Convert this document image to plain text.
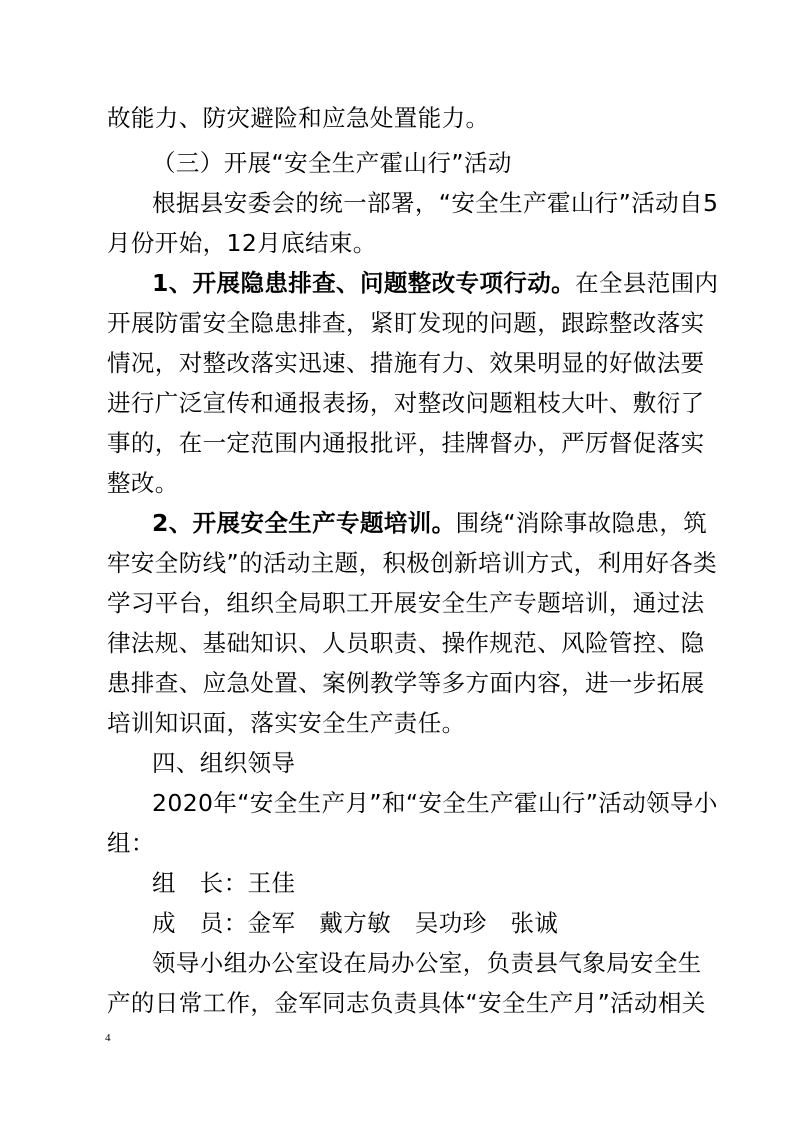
故能力、防灾避险和应急处置能力。
（三）开展“安全生产霍山行”活动
根据县安委会的统一部署，“安全生产霍山行”活动自5
月份开始，12月底结束。
1、开展隐患排查、问题整改专项行动。在全县范围内
开展防雷安全隐患排查，紧盯发现的问题，跟踪整改落实
情况，对整改落实迅速、措施有力、效果明显的好做法要
进行广泛宣传和通报表扬，对整改问题粗枝大叶、敷衍了
事的，在一定范围内通报批评，挂牌督办，严厉督促落实
整改。
2、开展安全生产专题培训。围绕“消除事故隐患，筑
牢安全防线”的活动主题，积极创新培训方式，利用好各类
学习平台，组织全局职工开展安全生产专题培训，通过法
律法规、基础知识、人员职责、操作规范、风险管控、隐
患排查、应急处置、案例教学等多方面内容，进一步拓展
培训知识面，落实安全生产责任。
四、组织领导
2020年“安全生产月”和“安全生产霍山行”活动领导小
组：
组　长：王佳
成　员：金军　戴方敏　吴功珍　张诚
领导小组办公室设在局办公室，负责县气象局安全生
产的日常工作，金军同志负责具体“安全生产月”活动相关
4
